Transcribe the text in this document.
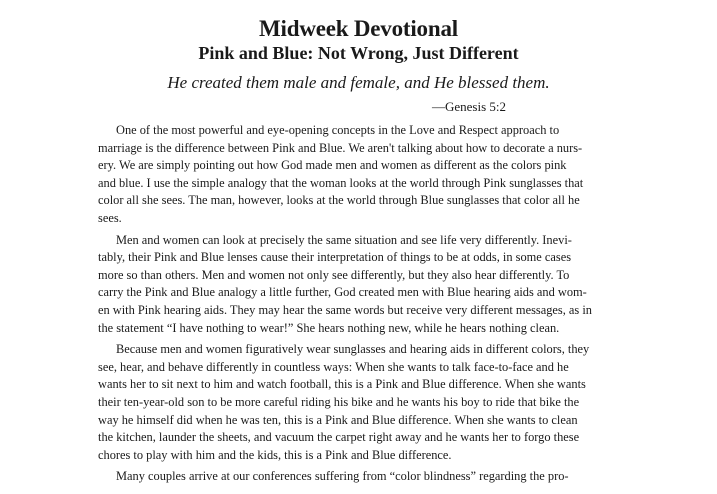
Midweek Devotional
Pink and Blue: Not Wrong, Just Different
He created them male and female, and He blessed them.
—Genesis 5:2
One of the most powerful and eye-opening concepts in the Love and Respect approach to
marriage is the difference between Pink and Blue. We aren't talking about how to decorate a nurs-
ery. We are simply pointing out how God made men and women as different as the colors pink
and blue. I use the simple analogy that the woman looks at the world through Pink sunglasses that
color all she sees. The man, however, looks at the world through Blue sunglasses that color all he
sees.
Men and women can look at precisely the same situation and see life very differently. Inevi-
tably, their Pink and Blue lenses cause their interpretation of things to be at odds, in some cases
more so than others. Men and women not only see differently, but they also hear differently. To
carry the Pink and Blue analogy a little further, God created men with Blue hearing aids and wom-
en with Pink hearing aids. They may hear the same words but receive very different messages, as in
the statement “I have nothing to wear!” She hears nothing new, while he hears nothing clean.
Because men and women figuratively wear sunglasses and hearing aids in different colors, they
see, hear, and behave differently in countless ways: When she wants to talk face-to-face and he
wants her to sit next to him and watch football, this is a Pink and Blue difference. When she wants
their ten-year-old son to be more careful riding his bike and he wants his boy to ride that bike the
way he himself did when he was ten, this is a Pink and Blue difference. When she wants to clean
the kitchen, launder the sheets, and vacuum the carpet right away and he wants her to forgo these
chores to play with him and the kids, this is a Pink and Blue difference.
Many couples arrive at our conferences suffering from “color blindness” regarding the pro-
